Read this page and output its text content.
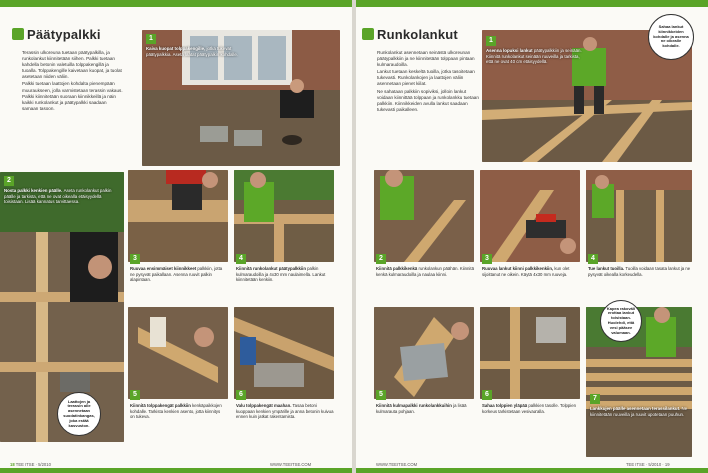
Päätypalkki

Terassin ulkoreuna tuetaan päätypalkilla, ja runkolankut kiinnitetään siihen. Palkki tuetaan kahdella betonin valetuilla tolppakengillä ja tuoalla. Tolppakengille kaivetaan kuopat, ja tuolat asetetaan niiden väliin.

Palkki tuetaan laattojen kohdalta pienempään muuraukseen, jolla varmistetaan terassin vakaus. Palkki kiinnitetään suoraan kiinnikkeillä ja näin kaikki runkolankut ja päätypalkki saadaan samaan tasoon.

1
Kaiva kuopat tolppakengille, jotka tukevat päätypalkkia. Aseta laatat päätypalkin kohdalle.
2
Nosta palkki kenkien päälle. Aseta runkolankut palkin päälle ja tarkista, että ne ovat oikealla etäisyydellä toisistaan. Lisää kannatus tarvittaessa.
Laattojen ja terassin alle asennetaan suodatinkangas, joka estää kasvuston.
3
Ruuvaa ensimmäiset kiinnikkeet palkkiin, jotta ne pysyvät paikallaan. Asenna ruuvit palkin alapintaan.
4
Kiinnitä runkolankut päätypalkkiin palkin kulmaraudoilla ja 4x30 mm naulaimella. Lankut kiinnitetään kenkiin.
5
Kiinnitä tolppakengät palkkiin kenkäpaikkojen kohdalle. Tarkista kenkien asento, jotta kiinnitys on tukeva.
6
Valu tolppakengät maahan. Tasaa betoni kuoppaan kenkien ympärille ja anna betonin kuivua ennen kuin jatkat rakentamista.
18 TEE ITSE · 5/2010	WWW.TEEITSE.COM
Runkolankut

Runkolankut asennetaan seinästä ulkoreunan päätypalkkiin ja ne kiinnitetään tolppaan pintaan kulmaraudoilla.

Lankut tuetaan keskeltä tuoilla, jotka tasoitetaan tukevasti. Runkolankojen ja laattojen väliin asennetaan pienet kiilat.

Ne sahataan palkkiin sopiviksi, jolloin lankut voidaan kiinnittää tolppaan ja runkolankku tuetaan palkkiin. Kiinnikkeiden avulla lankut saadaan tukevasti paikalleen.

1
Asenna lopuksi lankut päätypalkkiin ja seinään. Kiinnitä runkolankut seinään ruuveilla ja tarkista, että ne ovat 40 cm etäisyydellä.
Sahaa lankut kiinnikkeiden kohdalle ja asenna ne oikealle kohdalle.
2
Kiinnitä palkkikenkä runkolankun päähän. Kiinnitä kenkä kulmaraudoilla ja naulaa kiinni.
3
Ruuvaa lankut kiinni palkkikenkiin, kun olet sijoittanut ne oikein. Käytä 4x30 mm ruuveja.
4
Tue lankut tuoilla. Tuoilla voidaan tasata lankut ja ne pysyvät oikealla korkeudella.
5
Kiinnitä kulmapalkki runkolankkuihin ja lisää kulmarauta pohjaan.
6
Sahaa tolppien yläpää palkkien tasolle. Tolppien korkeus tarkistetaan vesivaa'alla.
Kapea rakoväli erottaa lankut toisistaan. Huolehdi, että vesi pääsee valumaan.
7
Lankkujen päälle asennetaan terassilankut. Ne kiinnitetään ruuveilla ja ruuvit upotetaan puuhun.
WWW.TEEITSE.COM	TEE ITSE · 5/2010 · 19
